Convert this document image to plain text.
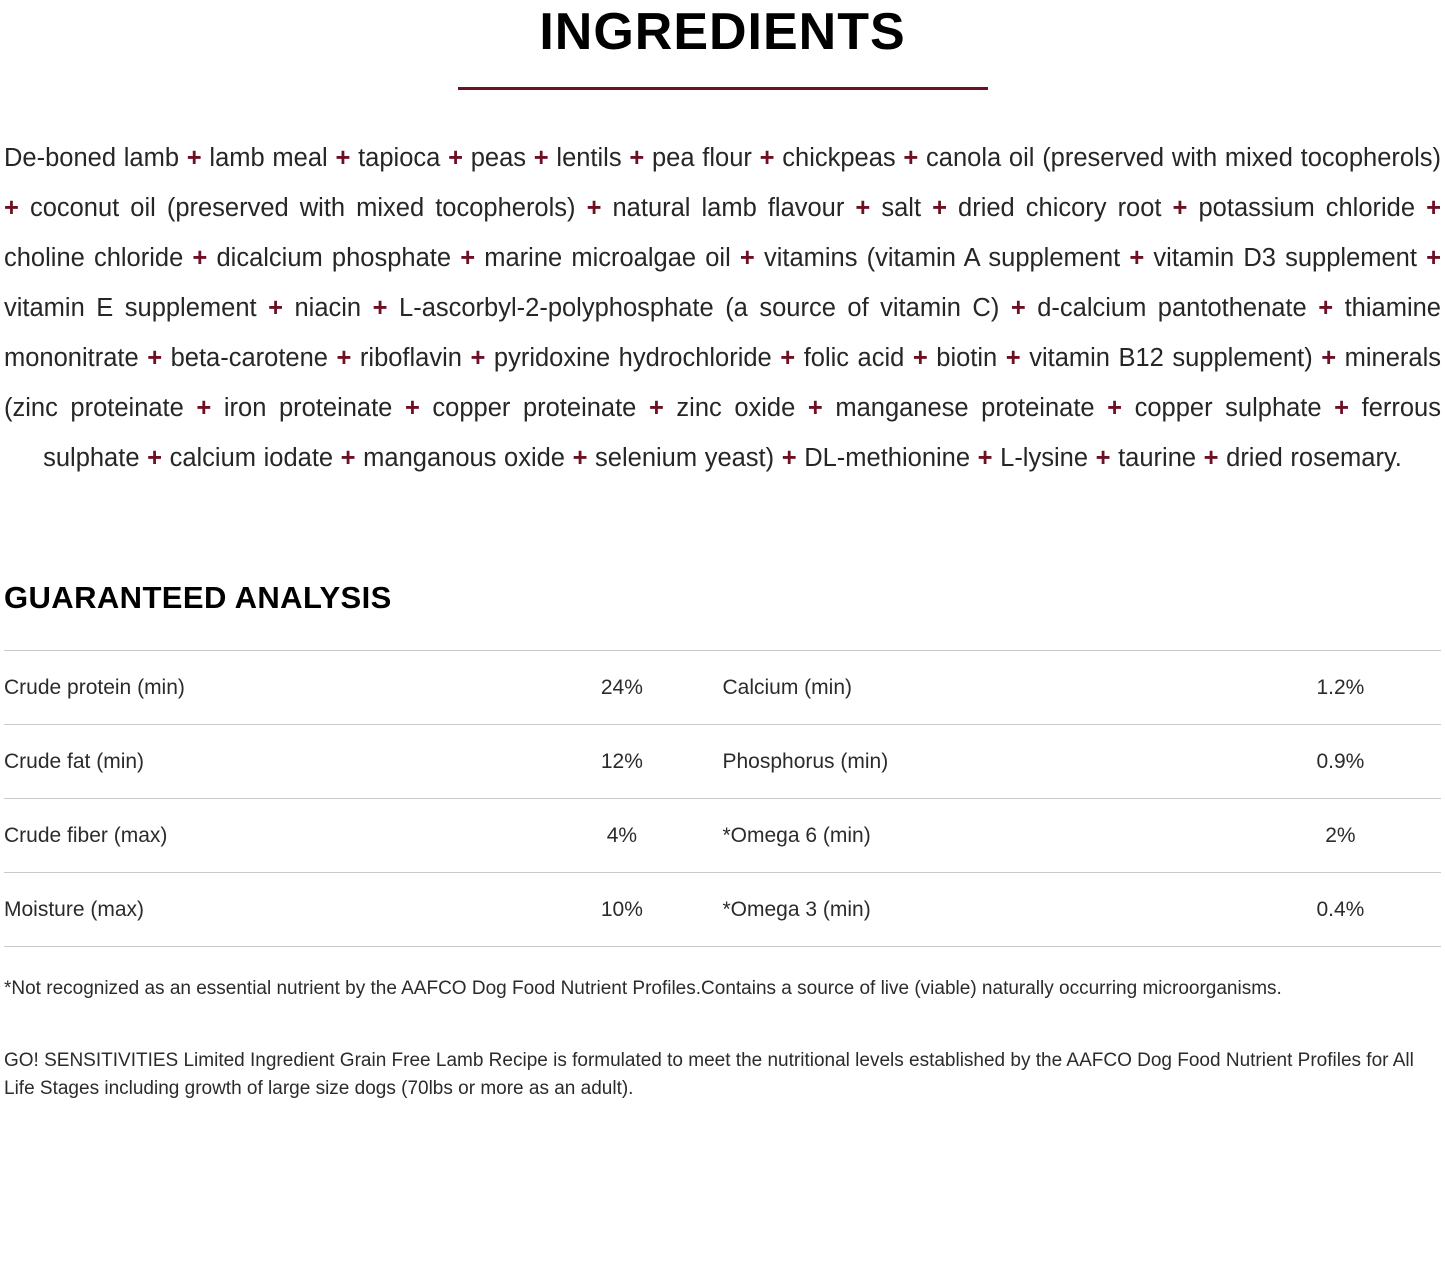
INGREDIENTS

De-boned lamb + lamb meal + tapioca + peas + lentils + pea flour + chickpeas + canola oil (preserved with mixed tocopherols) + coconut oil (preserved with mixed tocopherols) + natural lamb flavour + salt + dried chicory root + potassium chloride + choline chloride + dicalcium phosphate + marine microalgae oil + vitamins (vitamin A supplement + vitamin D3 supplement + vitamin E supplement + niacin + L-ascorbyl-2-polyphosphate (a source of vitamin C) + d-calcium pantothenate + thiamine mononitrate + beta-carotene + riboflavin + pyridoxine hydrochloride + folic acid + biotin + vitamin B12 supplement) + minerals (zinc proteinate + iron proteinate + copper proteinate + zinc oxide + manganese proteinate + copper sulphate + ferrous sulphate + calcium iodate + manganous oxide + selenium yeast) + DL-methionine + L-lysine + taurine + dried rosemary.

GUARANTEED ANALYSIS
Crude protein (min)	24%	Calcium (min)	1.2%
Crude fat (min)	12%	Phosphorus (min)	0.9%
Crude fiber (max)	4%	*Omega 6 (min)	2%
Moisture (max)	10%	*Omega 3 (min)	0.4%

*Not recognized as an essential nutrient by the AAFCO Dog Food Nutrient Profiles.Contains a source of live (viable) naturally occurring microorganisms.

GO! SENSITIVITIES Limited Ingredient Grain Free Lamb Recipe is formulated to meet the nutritional levels established by the AAFCO Dog Food Nutrient Profiles for All Life Stages including growth of large size dogs (70lbs or more as an adult).
